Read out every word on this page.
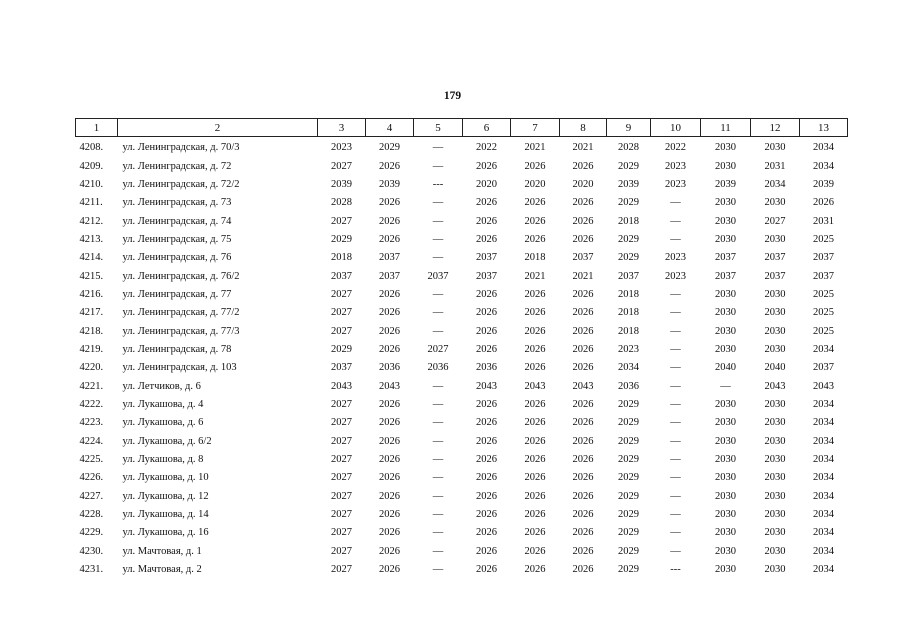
179
1	2	3	4	5	6	7	8	9	10	11	12	13
4208.	ул. Ленинградская, д. 70/3	2023	2029	—	2022	2021	2021	2028	2022	2030	2030	2034
4209.	ул. Ленинградская, д. 72	2027	2026	—	2026	2026	2026	2029	2023	2030	2031	2034
4210.	ул. Ленинградская, д. 72/2	2039	2039	---	2020	2020	2020	2039	2023	2039	2034	2039
4211.	ул. Ленинградская, д. 73	2028	2026	—	2026	2026	2026	2029	—	2030	2030	2026
4212.	ул. Ленинградская, д. 74	2027	2026	—	2026	2026	2026	2018	—	2030	2027	2031
4213.	ул. Ленинградская, д. 75	2029	2026	—	2026	2026	2026	2029	—	2030	2030	2025
4214.	ул. Ленинградская, д. 76	2018	2037	—	2037	2018	2037	2029	2023	2037	2037	2037
4215.	ул. Ленинградская, д. 76/2	2037	2037	2037	2037	2021	2021	2037	2023	2037	2037	2037
4216.	ул. Ленинградская, д. 77	2027	2026	—	2026	2026	2026	2018	—	2030	2030	2025
4217.	ул. Ленинградская, д. 77/2	2027	2026	—	2026	2026	2026	2018	—	2030	2030	2025
4218.	ул. Ленинградская, д. 77/3	2027	2026	—	2026	2026	2026	2018	—	2030	2030	2025
4219.	ул. Ленинградская, д. 78	2029	2026	2027	2026	2026	2026	2023	—	2030	2030	2034
4220.	ул. Ленинградская, д. 103	2037	2036	2036	2036	2026	2026	2034	—	2040	2040	2037
4221.	ул. Летчиков, д. 6	2043	2043	—	2043	2043	2043	2036	—	—	2043	2043
4222.	ул. Лукашова, д. 4	2027	2026	—	2026	2026	2026	2029	—	2030	2030	2034
4223.	ул. Лукашова, д. 6	2027	2026	—	2026	2026	2026	2029	—	2030	2030	2034
4224.	ул. Лукашова, д. 6/2	2027	2026	—	2026	2026	2026	2029	—	2030	2030	2034
4225.	ул. Лукашова, д. 8	2027	2026	—	2026	2026	2026	2029	—	2030	2030	2034
4226.	ул. Лукашова, д. 10	2027	2026	—	2026	2026	2026	2029	—	2030	2030	2034
4227.	ул. Лукашова, д. 12	2027	2026	—	2026	2026	2026	2029	—	2030	2030	2034
4228.	ул. Лукашова, д. 14	2027	2026	—	2026	2026	2026	2029	—	2030	2030	2034
4229.	ул. Лукашова, д. 16	2027	2026	—	2026	2026	2026	2029	—	2030	2030	2034
4230.	ул. Мачтовая, д. 1	2027	2026	—	2026	2026	2026	2029	—	2030	2030	2034
4231.	ул. Мачтовая, д. 2	2027	2026	—	2026	2026	2026	2029	---	2030	2030	2034
